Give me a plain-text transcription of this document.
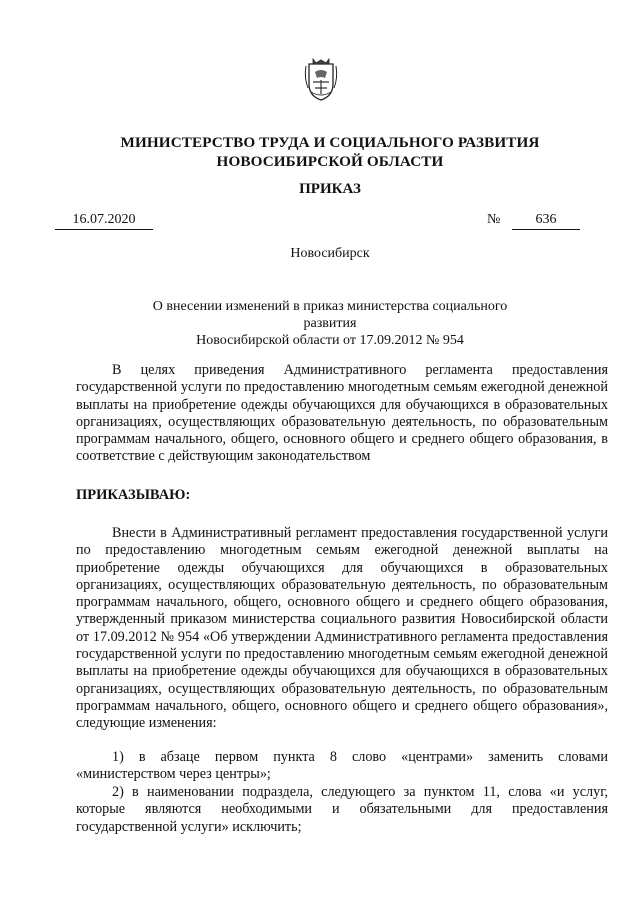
МИНИСТЕРСТВО ТРУДА И СОЦИАЛЬНОГО РАЗВИТИЯ
НОВОСИБИРСКОЙ ОБЛАСТИ
ПРИКАЗ
16.07.2020	№	636
Новосибирск
О внесении изменений в приказ министерства социального развития
Новосибирской области от 17.09.2012 № 954
В целях приведения Административного регламента предоставления государственной услуги по предоставлению многодетным семьям ежегодной денежной выплаты на приобретение одежды обучающихся для обучающихся в образовательных организациях, осуществляющих образовательную деятельность, по образовательным программам начального, общего, основного общего и среднего общего образования, в соответствие с действующим законодательством
ПРИКАЗЫВАЮ:
Внести в Административный регламент предоставления государственной услуги по предоставлению многодетным семьям ежегодной денежной выплаты на приобретение одежды обучающихся для обучающихся в образовательных организациях, осуществляющих образовательную деятельность, по образовательным программам начального, общего, основного общего и среднего общего образования, утвержденный приказом министерства социального развития Новосибирской области от 17.09.2012 № 954 «Об утверждении Административного регламента предоставления государственной услуги по предоставлению многодетным семьям ежегодной денежной выплаты на приобретение одежды обучающихся для обучающихся в образовательных организациях, осуществляющих образовательную деятельность, по образовательным программам начального, общего, основного общего и среднего общего образования», следующие изменения:
1) в абзаце первом пункта 8 слово «центрами» заменить словами «министерством через центры»;
2) в наименовании подраздела, следующего за пунктом 11, слова «и услуг, которые являются необходимыми и обязательными для предоставления государственной услуги» исключить;
